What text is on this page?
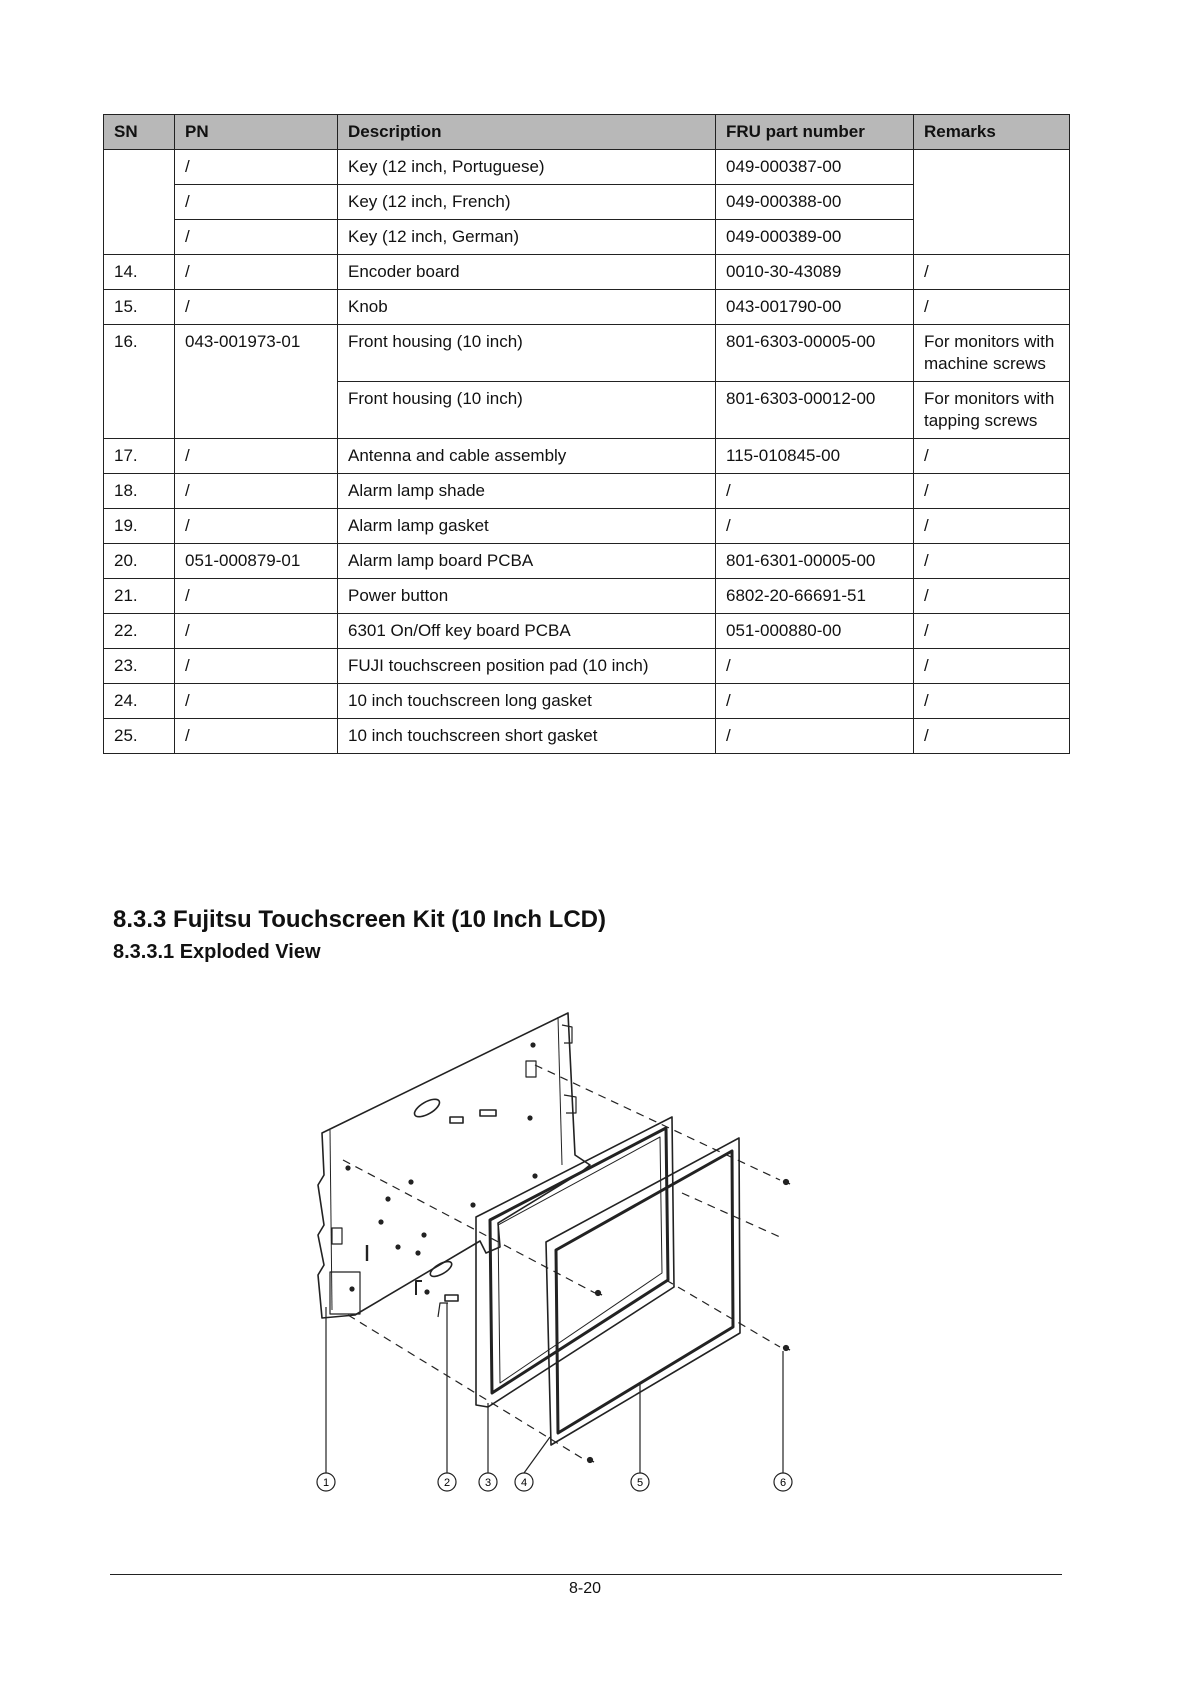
SN	PN	Description	FRU part number	Remarks
	/	Key (12 inch, Portuguese)	049-000387-00	
	/	Key (12 inch, French)	049-000388-00	
	/	Key (12 inch, German)	049-000389-00	
14.	/	Encoder board	0010-30-43089	/
15.	/	Knob	043-001790-00	/
16.	043-001973-01	Front housing (10 inch)	801-6303-00005-00	For monitors with machine screws
		Front housing (10 inch)	801-6303-00012-00	For monitors with tapping screws
17.	/	Antenna and cable assembly	115-010845-00	/
18.	/	Alarm lamp shade	/	/
19.	/	Alarm lamp gasket	/	/
20.	051-000879-01	Alarm lamp board PCBA	801-6301-00005-00	/
21.	/	Power button	6802-20-66691-51	/
22.	/	6301 On/Off key board PCBA	051-000880-00	/
23.	/	FUJI touchscreen position pad (10 inch)	/	/
24.	/	10 inch touchscreen long gasket	/	/
25.	/	10 inch touchscreen short gasket	/	/
8.3.3 Fujitsu Touchscreen Kit (10 Inch LCD)
8.3.3.1 Exploded View
1	2	3	4	5	6
8-20
